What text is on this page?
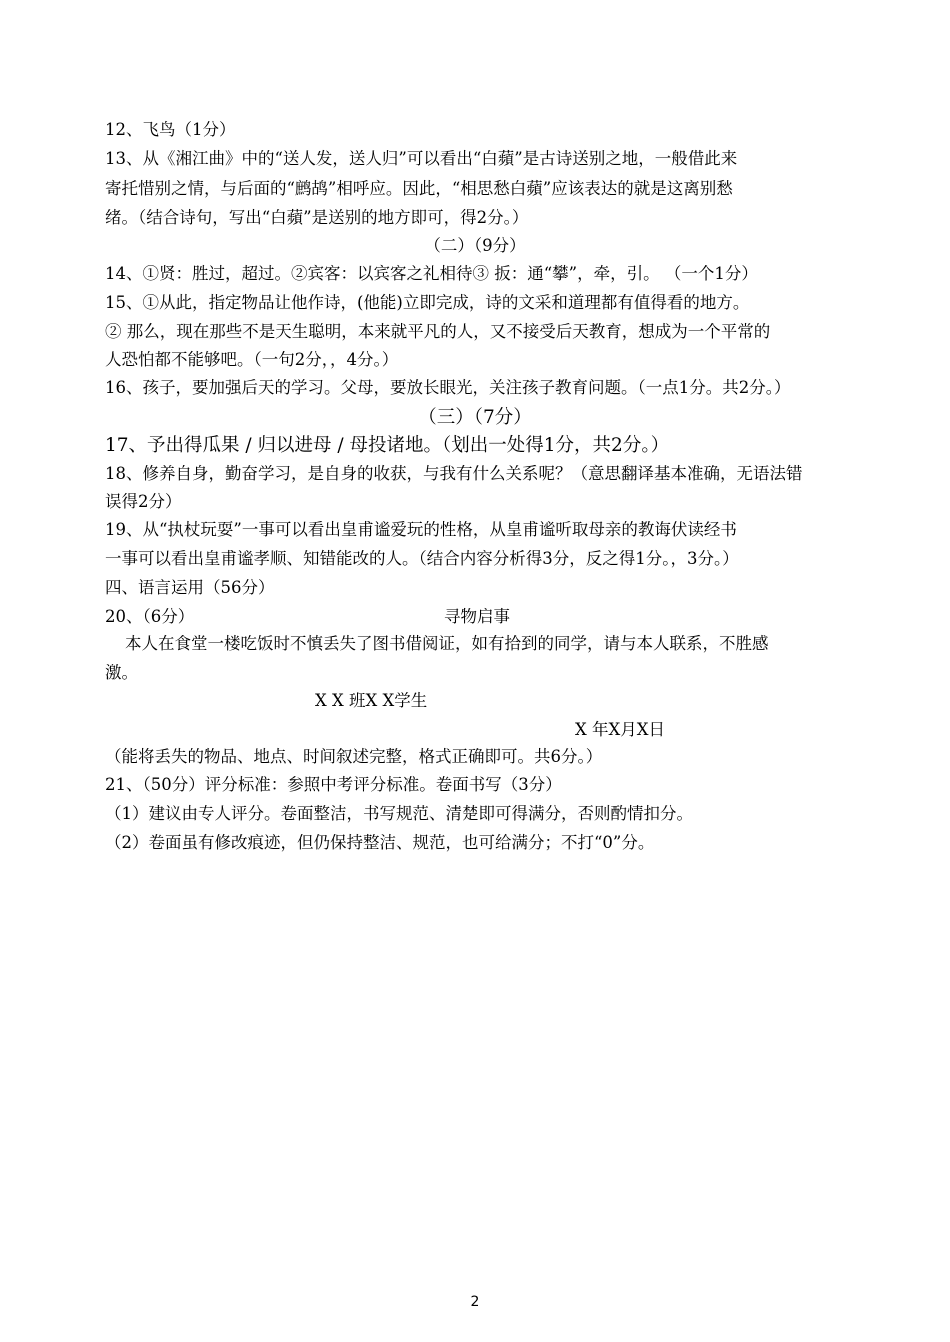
12、飞鸟（1分）
13、从《湘江曲》中的“送人发，送人归”可以看出“白蘋”是古诗送别之地，一般借此来
寄托惜别之情，与后面的“鹧鸪”相呼应。因此，“相思愁白蘋”应该表达的就是这离别愁
绪。（结合诗句，写出“白蘋”是送别的地方即可，得2分。）
（二）（9分）
14、①贤：胜过，超过。②宾客：以宾客之礼相待③ 扳：通“攀”，牵，引。 （一个1分）
15、①从此，指定物品让他作诗，(他能)立即完成，诗的文采和道理都有值得看的地方。
② 那么，现在那些不是天生聪明，本来就平凡的人，又不接受后天教育，想成为一个平常的
人恐怕都不能够吧。（一句2分，，4分。）
16、孩子，要加强后天的学习。父母，要放长眼光，关注孩子教育问题。（一点1分。共2分。）
（三）（7分）
17、予出得瓜果 / 归以进母 / 母投诸地。（划出一处得1分，共2分。）
18、修养自身，勤奋学习，是自身的收获，与我有什么关系呢？（意思翻译基本准确，无语法错
误得2分）
19、从“执杖玩耍”一事可以看出皇甫谧爱玩的性格，从皇甫谧听取母亲的教诲伏读经书
一事可以看出皇甫谧孝顺、知错能改的人。（结合内容分析得3分，反之得1分。，3分。）
四、语言运用（56分）
20、（6分）	寻物启事
本人在食堂一楼吃饭时不慎丢失了图书借阅证，如有拾到的同学，请与本人联系，不胜感
激。
X X 班X X学生
X 年X月X日
（能将丢失的物品、地点、时间叙述完整，格式正确即可。共6分。）
21、（50分）评分标准：参照中考评分标准。卷面书写（3分）
（1）建议由专人评分。卷面整洁，书写规范、清楚即可得满分，否则酌情扣分。
（2）卷面虽有修改痕迹，但仍保持整洁、规范，也可给满分；不打“0”分。
2
